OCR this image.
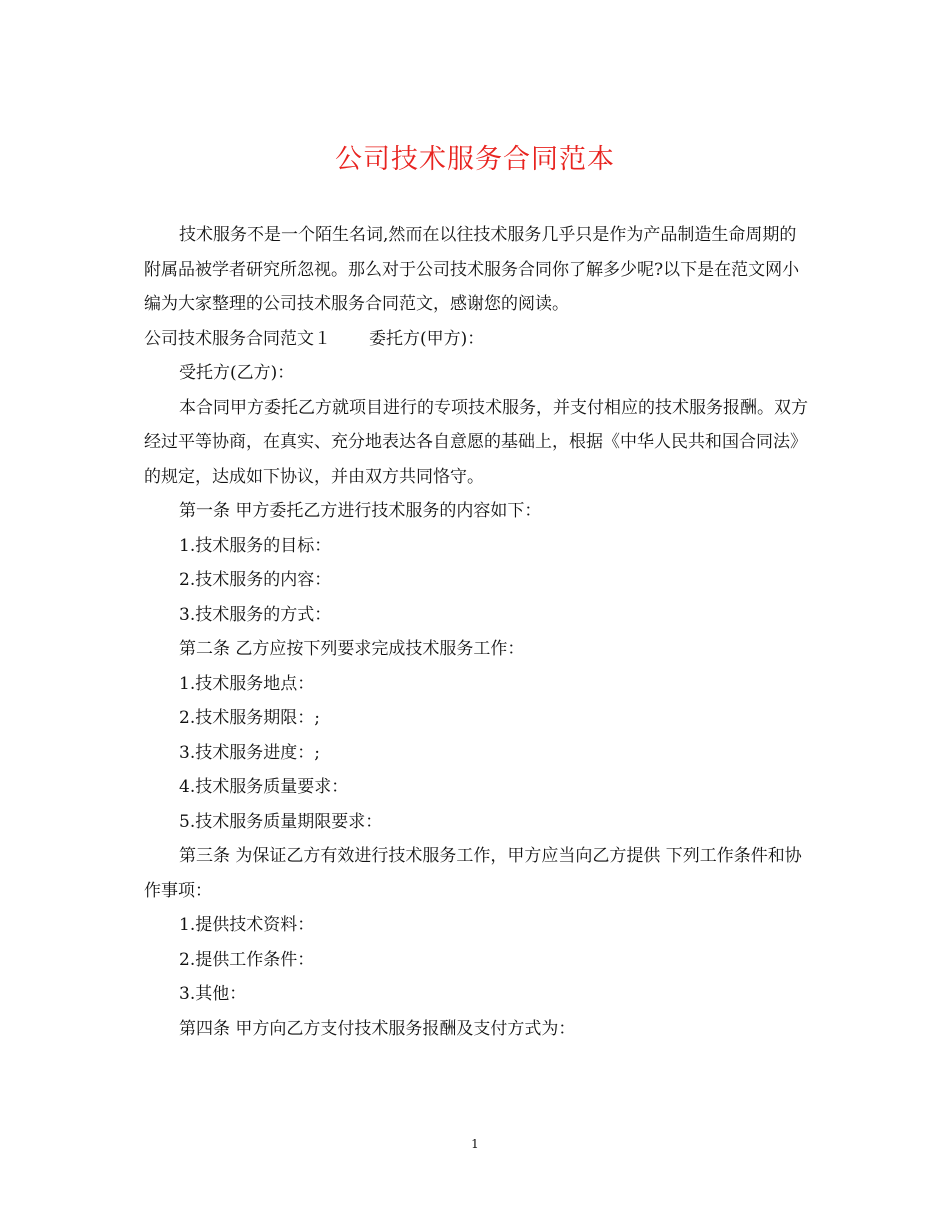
公司技术服务合同范本

技术服务不是一个陌生名词,然而在以往技术服务几乎只是作为产品制造生命周期的附属品被学者研究所忽视。那么对于公司技术服务合同你了解多少呢?以下是在范文网小编为大家整理的公司技术服务合同范文，感谢您的阅读。

公司技术服务合同范文１ 委托方(甲方)：

受托方(乙方)：

本合同甲方委托乙方就项目进行的专项技术服务，并支付相应的技术服务报酬。双方经过平等协商，在真实、充分地表达各自意愿的基础上，根据《中华人民共和国合同法》的规定，达成如下协议，并由双方共同恪守。

第一条 甲方委托乙方进行技术服务的内容如下：

1.技术服务的目标：

2.技术服务的内容：

3.技术服务的方式：

第二条 乙方应按下列要求完成技术服务工作：

1.技术服务地点：

2.技术服务期限：;

3.技术服务进度：;

4.技术服务质量要求：

5.技术服务质量期限要求：

第三条 为保证乙方有效进行技术服务工作，甲方应当向乙方提供 下列工作条件和协作事项：

1.提供技术资料：

2.提供工作条件：

3.其他：

第四条 甲方向乙方支付技术服务报酬及支付方式为：

1
